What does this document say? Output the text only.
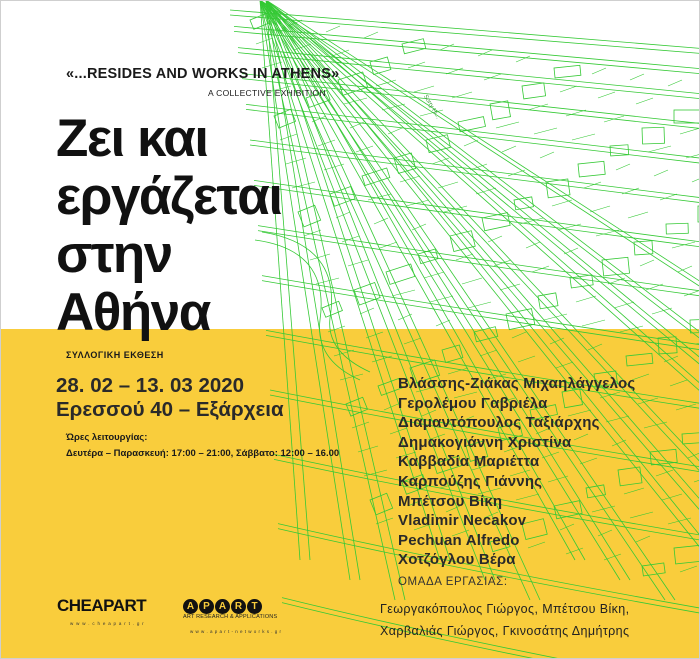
«...RESIDES AND WORKS IN ATHENS»
A COLLECTIVE EXHIBITION
Ζει και
εργάζεται
στην
Αθήνα
ΣΥΛΛΟΓΙΚΗ ΕΚΘΕΣΗ
28. 02 – 13. 03 2020
Ερεσσού 40 – Εξάρχεια
Ώρες λειτουργίας:
Δευτέρα – Παρασκευή: 17:00 – 21:00, Σάββατο: 12:00 – 16.00
Βλάσσης-Ζιάκας Μιχαηλάγγελος
Γερολέμου Γαβριέλα
Διαμαντόπουλος Ταξιάρχης
Δημακογιάννη Χριστίνα
Καββαδία Μαριέττα
Καρπούζης Γιάννης
Μπέτσου Βίκη
Vladimir Necakov
Pechuan Alfredo
Χοτζόγλου Βέρα
ΟΜΑΔΑ ΕΡΓΑΣΙΑΣ:
Γεωργακόπουλος Γιώργος, Μπέτσου Βίκη,
Χαρβαλιάς Γιώργος, Γκινοσάτης Δημήτρης
CHEAPART
w w w . c h e a p a r t . g r
A P A R T
ART RESEARCH & APPLICATIONS
w w w . a p a r t - n e t w o r k s . g r
Sorry Hi...
